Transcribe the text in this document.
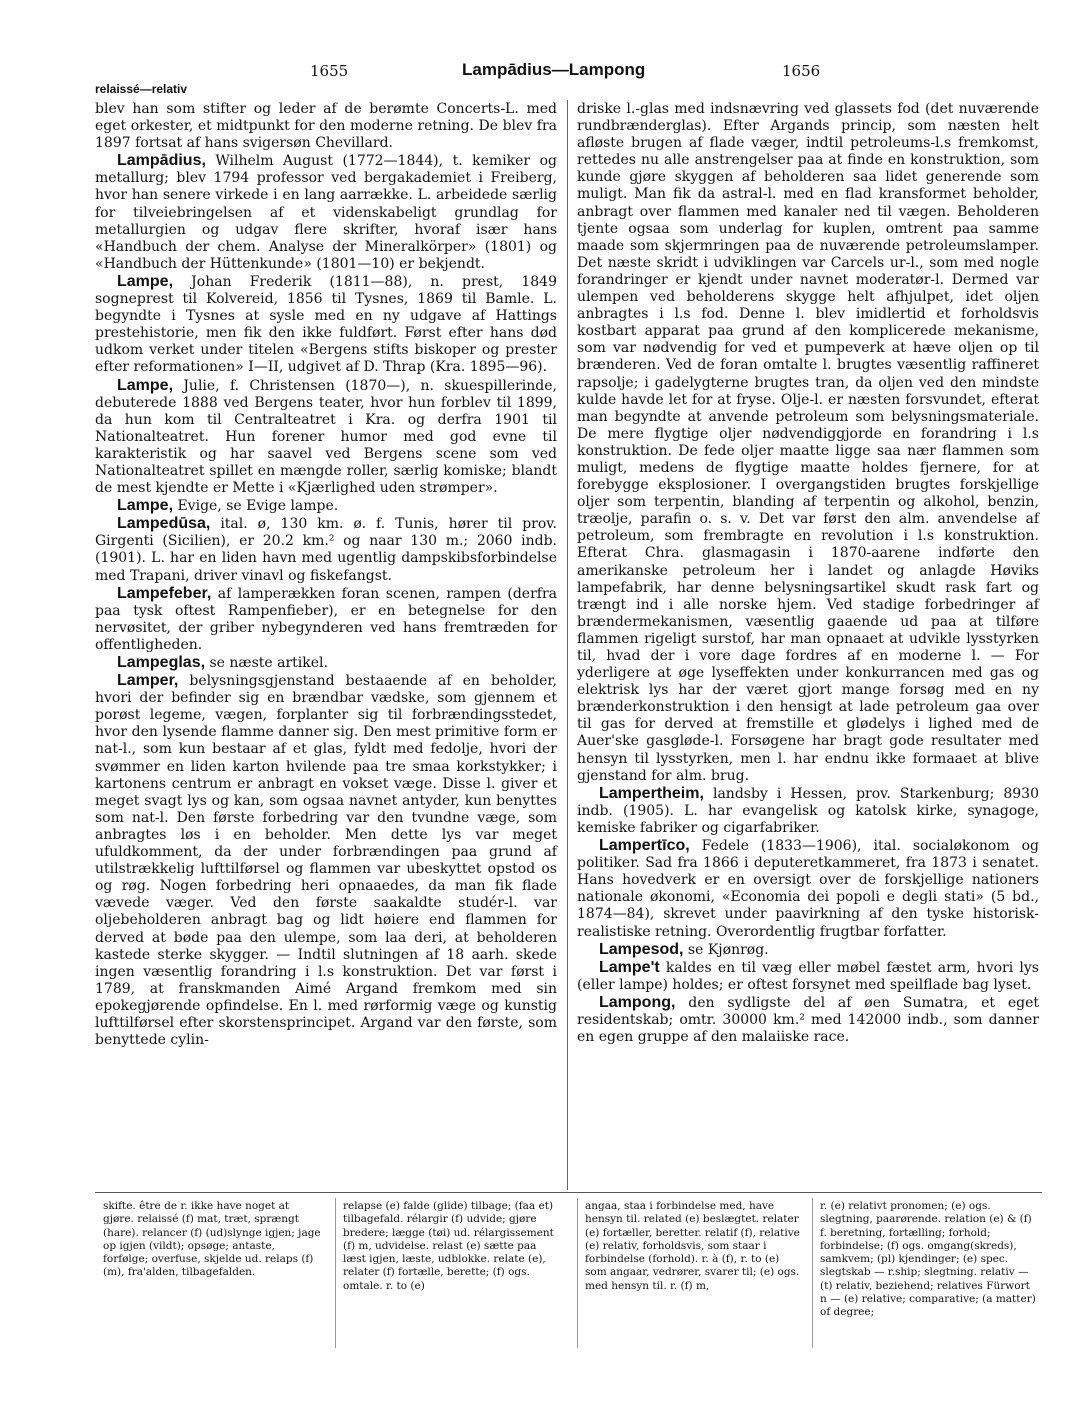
1655	Lampādius—Lampong	1656
relaissé—relativ

blev han som stifter og leder af de berømte Concerts-L. med eget orkester, et midtpunkt for den moderne retning. De blev fra 1897 fortsat af hans svigersøn Chevillard.

Lampādius, Wilhelm August (1772—1844), t. kemiker og metallurg; blev 1794 professor ved bergakademiet i Freiberg, hvor han senere virkede i en lang aarrække. L. arbeidede særlig for tilveiebringelsen af et videnskabeligt grundlag for metallurgien og udgav flere skrifter, hvoraf især hans «Handbuch der chem. Analyse der Mineralkörper» (1801) og «Handbuch der Hüttenkunde» (1801—10) er bekjendt.

Lampe, Johan Frederik (1811—88), n. prest, 1849 sogneprest til Kolvereid, 1856 til Tysnes, 1869 til Bamle. L. begyndte i Tysnes at sysle med en ny udgave af Hattings prestehistorie, men fik den ikke fuldført. Først efter hans død udkom verket under titelen «Bergens stifts biskoper og prester efter reformationen» I—II, udgivet af D. Thrap (Kra. 1895—96).

Lampe, Julie, f. Christensen (1870—), n. skuespillerinde, debuterede 1888 ved Bergens teater, hvor hun forblev til 1899, da hun kom til Centralteatret i Kra. og derfra 1901 til Nationalteatret. Hun forener humor med god evne til karakteristik og har saavel ved Bergens scene som ved Nationalteatret spillet en mængde roller, særlig komiske; blandt de mest kjendte er Mette i «Kjærlighed uden strømper».

Lampe, Evige, se Evige lampe.

Lampedūsa, ital. ø, 130 km. ø. f. Tunis, hører til prov. Girgenti (Sicilien), er 20.2 km.² og naar 130 m.; 2060 indb. (1901). L. har en liden havn med ugentlig dampskibsforbindelse med Trapani, driver vinavl og fiskefangst.

Lampefeber, af lamperækken foran scenen, rampen (derfra paa tysk oftest Rampenfieber), er en betegnelse for den nervøsitet, der griber nybegynderen ved hans fremtræden for offentligheden.

Lampeglas, se næste artikel.

Lamper, belysningsgjenstand bestaaende af en beholder, hvori der befinder sig en brændbar vædske, som gjennem et porøst legeme, vægen, forplanter sig til forbrændingsstedet, hvor den lysende flamme danner sig. Den mest primitive form er nat-l., som kun bestaar af et glas, fyldt med fedolje, hvori der svømmer en liden karton hvilende paa tre smaa korkstykker; i kartonens centrum er anbragt en vokset væge. Disse l. giver et meget svagt lys og kan, som ogsaa navnet antyder, kun benyttes som nat-l. Den første forbedring var den tvundne væge, som anbragtes løs i en beholder. Men dette lys var meget ufuldkomment, da der under forbrændingen paa grund af utilstrækkelig lufttilførsel og flammen var ubeskyttet opstod os og røg. Nogen forbedring heri opnaaedes, da man fik flade vævede væger. Ved den første saakaldte studér-l. var oljebeholderen anbragt bag og lidt høiere end flammen for derved at bøde paa den ulempe, som laa deri, at beholderen kastede sterke skygger. — Indtil slutningen af 18 aarh. skede ingen væsentlig forandring i l.s konstruktion. Det var først i 1789, at franskmanden Aimé Argand fremkom med sin epokegjørende opfindelse. En l. med rørformig væge og kunstig lufttilførsel efter skorstensprincipet. Argand var den første, som benyttede cylin-

driske l.-glas med indsnævring ved glassets fod (det nuværende rundbrænderglas). Efter Argands princip, som næsten helt afløste brugen af flade væger, indtil petroleums-l.s fremkomst, rettedes nu alle anstrengelser paa at finde en konstruktion, som kunde gjøre skyggen af beholderen saa lidet generende som muligt. Man fik da astral-l. med en flad kransformet beholder, anbragt over flammen med kanaler ned til vægen. Beholderen tjente ogsaa som underlag for kuplen, omtrent paa samme maade som skjermringen paa de nuværende petroleumslamper. Det næste skridt i udviklingen var Carcels ur-l., som med nogle forandringer er kjendt under navnet moderatør-l. Dermed var ulempen ved beholderens skygge helt afhjulpet, idet oljen anbragtes i l.s fod. Denne l. blev imidlertid et forholdsvis kostbart apparat paa grund af den komplicerede mekanisme, som var nødvendig for ved et pumpeverk at hæve oljen op til brænderen. Ved de foran omtalte l. brugtes væsentlig raffineret rapsolje; i gadelygterne brugtes tran, da oljen ved den mindste kulde havde let for at fryse. Olje-l. er næsten forsvundet, efterat man begyndte at anvende petroleum som belysningsmateriale. De mere flygtige oljer nødvendiggjorde en forandring i l.s konstruktion. De fede oljer maatte ligge saa nær flammen som muligt, medens de flygtige maatte holdes fjernere, for at forebygge eksplosioner. I overgangstiden brugtes forskjellige oljer som terpentin, blanding af terpentin og alkohol, benzin, træolje, parafin o. s. v. Det var først den alm. anvendelse af petroleum, som frembragte en revolution i l.s konstruktion. Efterat Chra. glasmagasin i 1870-aarene indførte den amerikanske petroleum her i landet og anlagde Høviks lampefabrik, har denne belysningsartikel skudt rask fart og trængt ind i alle norske hjem. Ved stadige forbedringer af brændermekanismen, væsentlig gaaende ud paa at tilføre flammen rigeligt surstof, har man opnaaet at udvikle lysstyrken til, hvad der i vore dage fordres af en moderne l. — For yderligere at øge lyseffekten under konkurrancen med gas og elektrisk lys har der været gjort mange forsøg med en ny brænderkonstruktion i den hensigt at lade petroleum gaa over til gas for derved at fremstille et glødelys i lighed med de Auer'ske gasgløde-l. Forsøgene har bragt gode resultater med hensyn til lysstyrken, men l. har endnu ikke formaaet at blive gjenstand for alm. brug.

Lampertheim, landsby i Hessen, prov. Starkenburg; 8930 indb. (1905). L. har evangelisk og katolsk kirke, synagoge, kemiske fabriker og cigarfabriker.

Lampertīco, Fedele (1833—1906), ital. socialøkonom og politiker. Sad fra 1866 i deputeretkammeret, fra 1873 i senatet. Hans hovedverk er en oversigt over de forskjellige nationers nationale økonomi, «Economia dei popoli e degli stati» (5 bd., 1874—84), skrevet under paavirkning af den tyske historisk-realistiske retning. Overordentlig frugtbar forfatter.

Lampesod, se Kjønrøg.

Lampe't kaldes en til væg eller møbel fæstet arm, hvori lys (eller lampe) holdes; er oftest forsynet med speilflade bag lyset.

Lampong, den sydligste del af øen Sumatra, et eget residentskab; omtr. 30000 km.² med 142000 indb., som danner en egen gruppe af den malaiiske race.

skifte. être de r. ikke have noget at gjøre. relaissé (f) mat, træt, sprængt (hare). relancer (f) (ud)slynge igjen; jage op igjen (vildt); opsøge; antaste, forfølge; overfuse, skjelde ud. relaps (f) (m), fra'alden, tilbagefalden.

relapse (e) falde (glide) tilbage; (faa et) tilbagefald. rélargir (f) udvide; gjøre bredere; lægge (tøi) ud. rélargissement (f) m, udvidelse. relast (e) sætte paa læst igjen, læste, udblokke. relate (e), relater (f) fortælle, berette; (f) ogs. omtale. r. to (e)

angaa, staa i forbindelse med, have hensyn til. related (e) beslægtet. relater (e) fortæller, beretter. relatif (f), relative (e) relativ, forholdsvis, som staar i forbindelse (forhold). r. à (f), r. to (e) som angaar, vedrører, svarer til; (e) ogs. med hensyn til. r. (f) m,

r. (e) relativt pronomen; (e) ogs. slegtning, paarørende. relation (e) & (f) f. beretning, fortælling; forhold; forbindelse; (f) ogs. omgang(skreds), samkvem; (pl) kjendinger; (e) spec. slegtskab — r.ship; slegtning. relativ — (t) relativ, beziehend; relatives Fürwort n — (e) relative; comparative; (a matter) of degree;
